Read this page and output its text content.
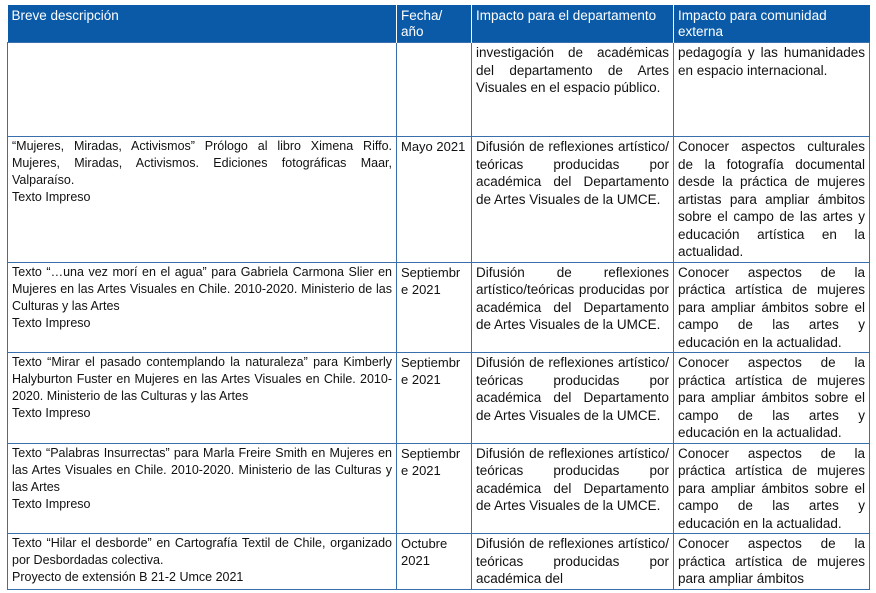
Breve descripción	Fecha/ año	Impacto para el departamento	Impacto para comunidad externa

		investigación de académicas del departamento de Artes Visuales en el espacio público.	pedagogía y las humanidades en espacio internacional.

“Mujeres, Miradas, Activismos” Prólogo al libro Ximena Riffo. Mujeres, Miradas, Activismos. Ediciones fotográficas Maar, Valparaíso.
Texto Impreso	Mayo 2021	Difusión de reflexiones artístico/ teóricas producidas por académica del Departamento de Artes Visuales de la UMCE.	Conocer aspectos culturales de la fotografía documental desde la práctica de mujeres artistas para ampliar ámbitos sobre el campo de las artes y educación artística en la actualidad.

Texto “…una vez morí en el agua” para Gabriela Carmona Slier en Mujeres en las Artes Visuales en Chile. 2010-2020. Ministerio de las Culturas y las Artes
Texto Impreso	Septiembre 2021	Difusión de reflexiones artístico/teóricas producidas por académica del Departamento de Artes Visuales de la UMCE.	Conocer aspectos de la práctica artística de mujeres para ampliar ámbitos sobre el campo de las artes y educación en la actualidad.

Texto “Mirar el pasado contemplando la naturaleza” para Kimberly Halyburton Fuster en Mujeres en las Artes Visuales en Chile. 2010-2020. Ministerio de las Culturas y las Artes
Texto Impreso	Septiembre 2021	Difusión de reflexiones artístico/ teóricas producidas por académica del Departamento de Artes Visuales de la UMCE.	Conocer aspectos de la práctica artística de mujeres para ampliar ámbitos sobre el campo de las artes y educación en la actualidad.

Texto “Palabras Insurrectas” para Marla Freire Smith en Mujeres en las Artes Visuales en Chile. 2010-2020. Ministerio de las Culturas y las Artes
Texto Impreso	Septiembre 2021	Difusión de reflexiones artístico/ teóricas producidas por académica del Departamento de Artes Visuales de la UMCE.	Conocer aspectos de la práctica artística de mujeres para ampliar ámbitos sobre el campo de las artes y educación en la actualidad.

Texto “Hilar el desborde” en Cartografía Textil de Chile, organizado por Desbordadas colectiva.
Proyecto de extensión B 21-2 Umce 2021	Octubre 2021	Difusión de reflexiones artístico/ teóricas producidas por académica del	Conocer aspectos de la práctica artística de mujeres para ampliar ámbitos
